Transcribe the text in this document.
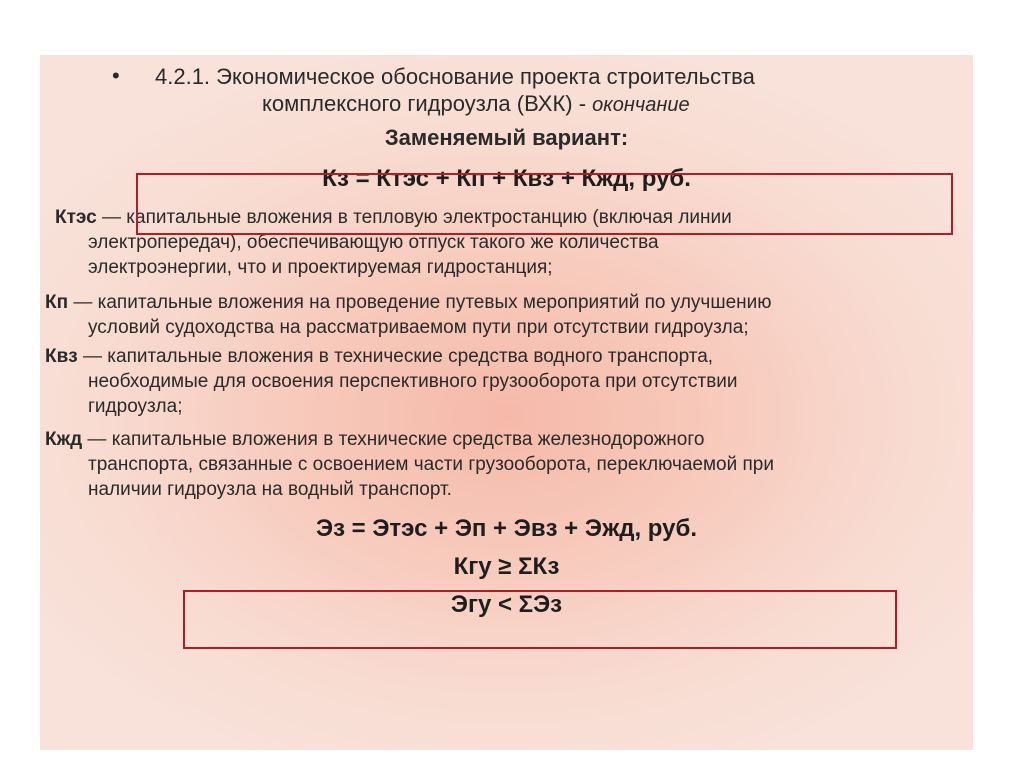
• 4.2.1. Экономическое обоснование проекта строительства
комплексного гидроузла (ВХК) - окончание
Заменяемый вариант:
Кз = Ктэс + Кп + Квз + Кжд, руб.
Ктэс — капитальные вложения в тепловую электростанцию (включая линии
электропередач), обеспечивающую отпуск такого же количества
электроэнергии, что и проектируемая гидростанция;
Кп — капитальные вложения на проведение путевых мероприятий по улучшению
условий судоходства на рассматриваемом пути при отсутствии гидроузла;
Квз — капитальные вложения в технические средства водного транспорта,
необходимые для освоения перспективного грузооборота при отсутствии
гидроузла;
Кжд — капитальные вложения в технические средства железнодорожного
транспорта, связанные с освоением части грузооборота, переключаемой при
наличии гидроузла на водный транспорт.
Эз = Этэс + Эп + Эвз + Эжд, руб.
Кгу ≥ ΣКз
Эгу < ΣЭз
